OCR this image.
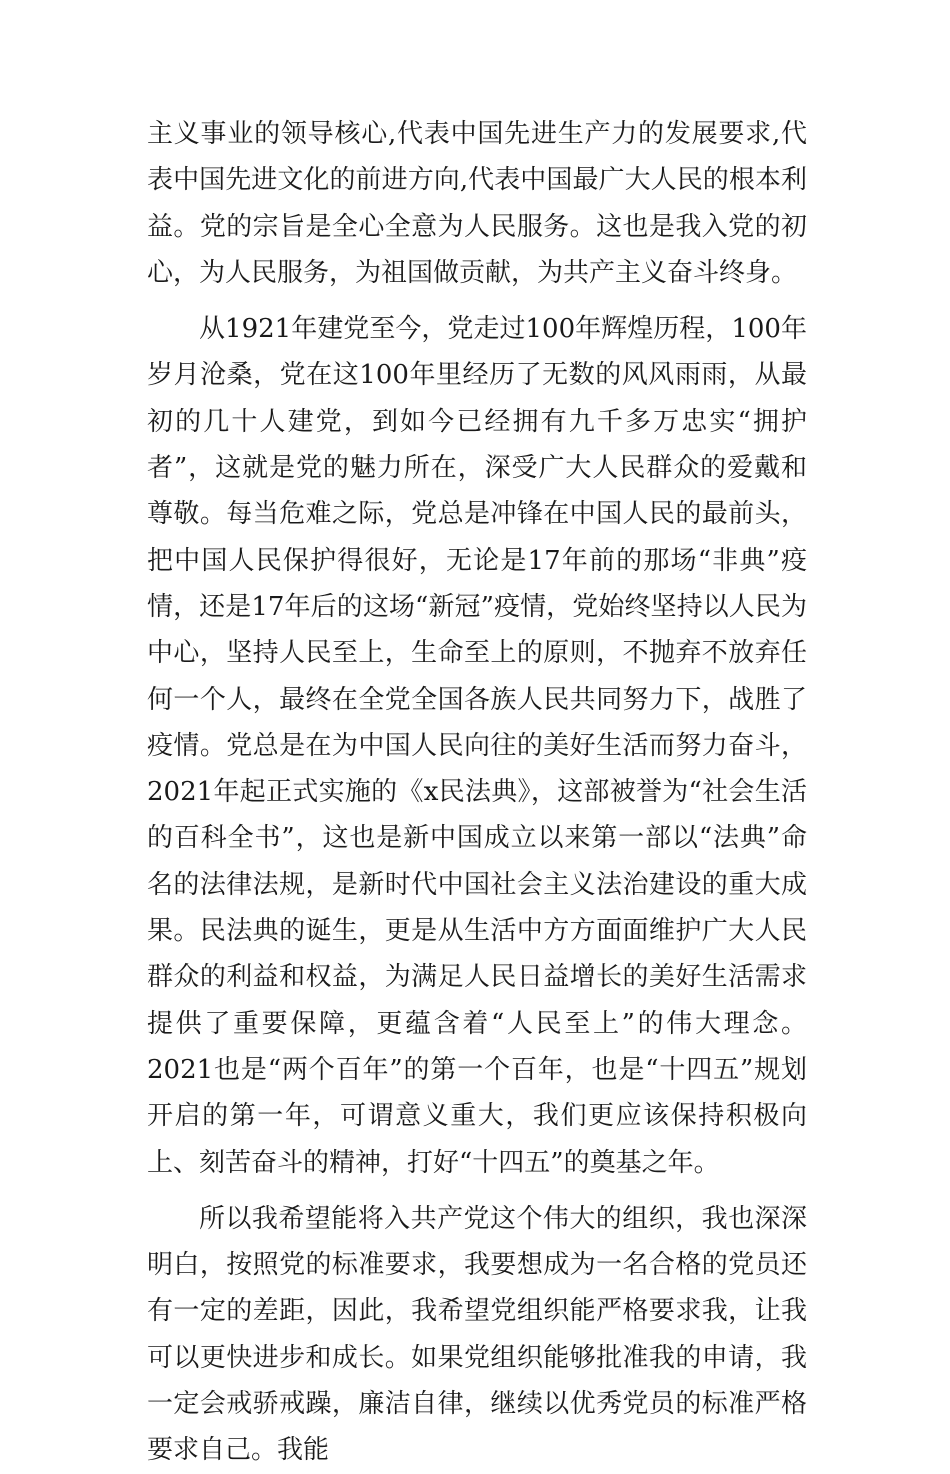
主义事业的领导核心,代表中国先进生产力的发展要求,代表中国先进文化的前进方向,代表中国最广大人民的根本利益。党的宗旨是全心全意为人民服务。这也是我入党的初心，为人民服务，为祖国做贡献，为共产主义奋斗终身。

从1921年建党至今，党走过100年辉煌历程，100年岁月沧桑，党在这100年里经历了无数的风风雨雨，从最初的几十人建党，到如今已经拥有九千多万忠实“拥护者”，这就是党的魅力所在，深受广大人民群众的爱戴和尊敬。每当危难之际，党总是冲锋在中国人民的最前头，把中国人民保护得很好，无论是17年前的那场“非典”疫情，还是17年后的这场“新冠”疫情，党始终坚持以人民为中心，坚持人民至上，生命至上的原则，不抛弃不放弃任何一个人，最终在全党全国各族人民共同努力下，战胜了疫情。党总是在为中国人民向往的美好生活而努力奋斗，2021年起正式实施的《x民法典》，这部被誉为“社会生活的百科全书”，这也是新中国成立以来第一部以“法典”命名的法律法规，是新时代中国社会主义法治建设的重大成果。民法典的诞生，更是从生活中方方面面维护广大人民群众的利益和权益，为满足人民日益增长的美好生活需求提供了重要保障，更蕴含着“人民至上”的伟大理念。2021也是“两个百年”的第一个百年，也是“十四五”规划开启的第一年，可谓意义重大，我们更应该保持积极向上、刻苦奋斗的精神，打好“十四五”的奠基之年。

所以我希望能将入共产党这个伟大的组织，我也深深明白，按照党的标准要求，我要想成为一名合格的党员还有一定的差距，因此，我希望党组织能严格要求我，让我可以更快进步和成长。如果党组织能够批准我的申请，我一定会戒骄戒躁，廉洁自律，继续以优秀党员的标准严格要求自己。我能
